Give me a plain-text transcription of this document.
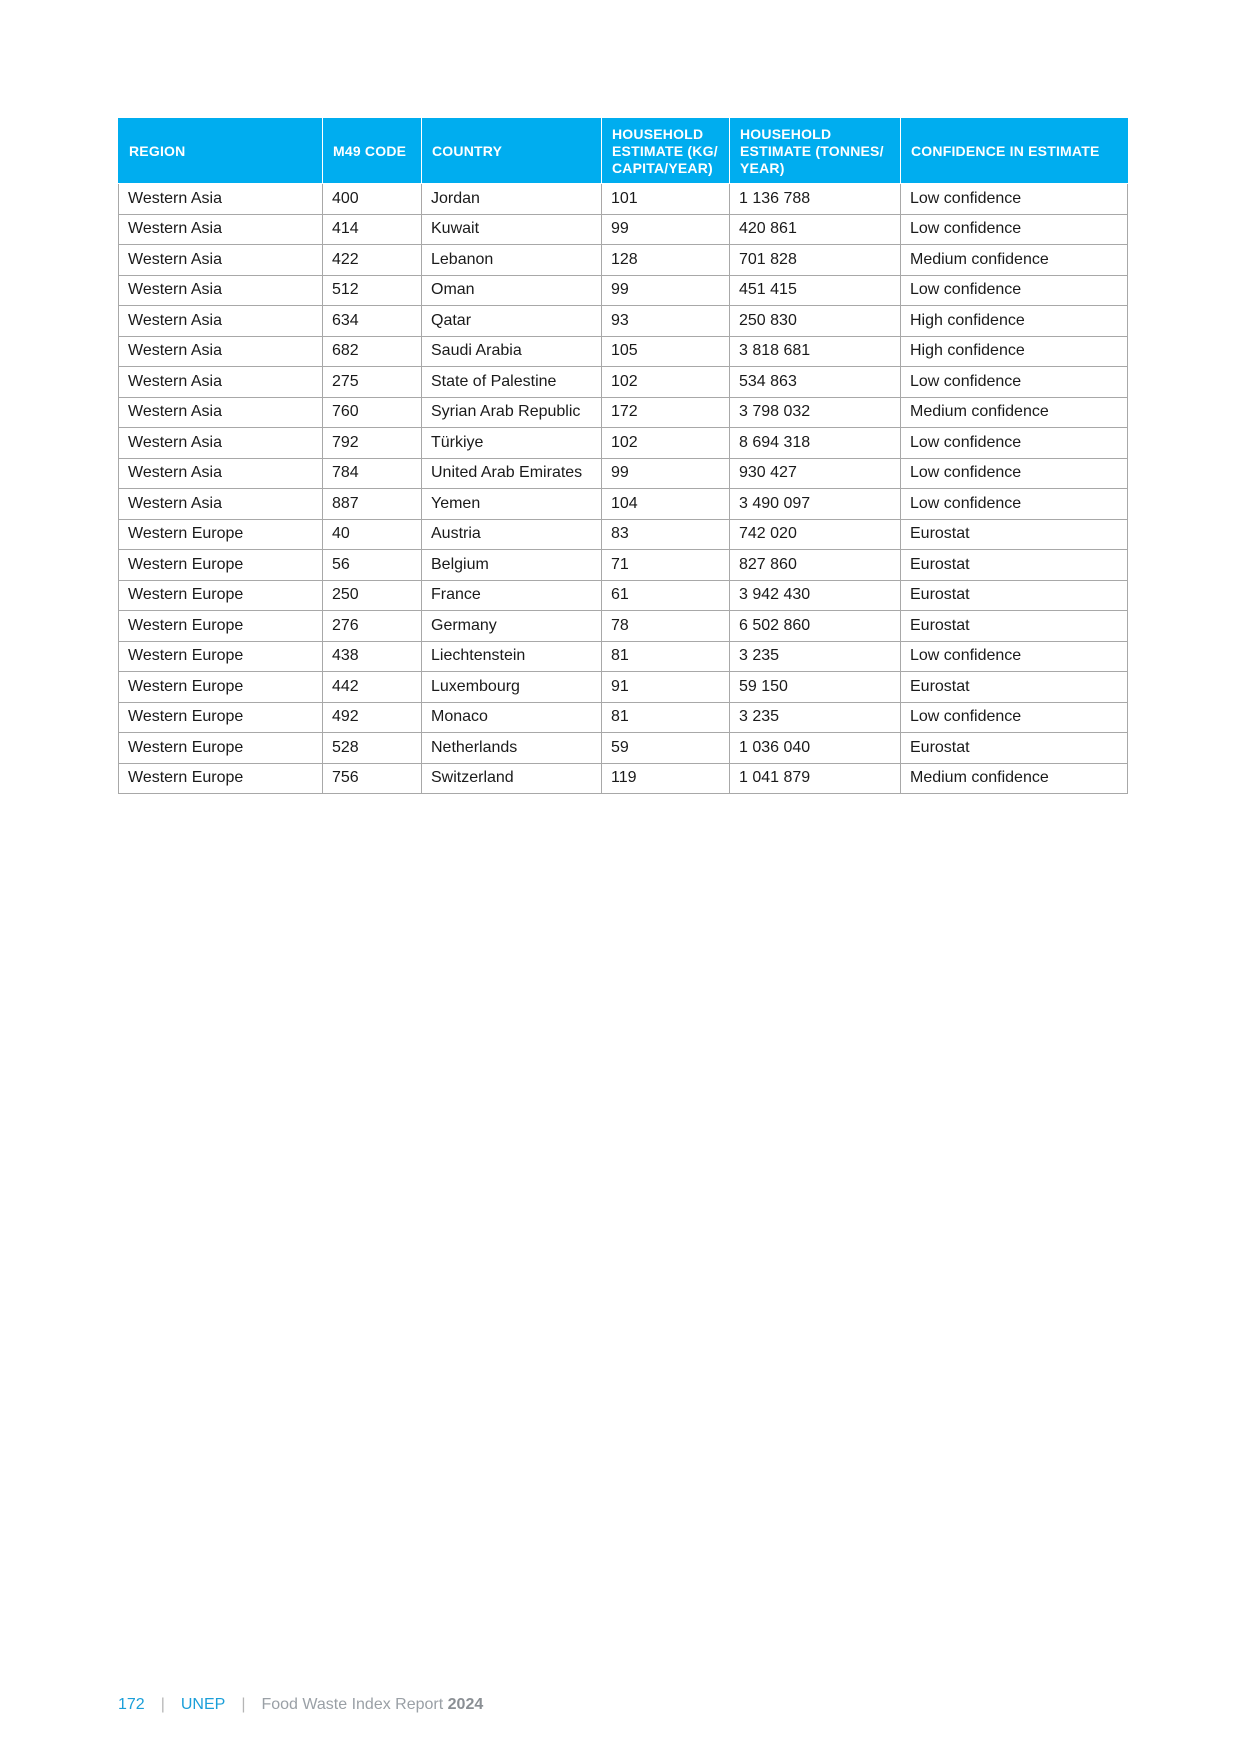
REGION	M49 CODE	COUNTRY	HOUSEHOLD ESTIMATE (KG/ CAPITA/YEAR)	HOUSEHOLD ESTIMATE (TONNES/ YEAR)	CONFIDENCE IN ESTIMATE
Western Asia	400	Jordan	101	1 136 788	Low confidence
Western Asia	414	Kuwait	99	420 861	Low confidence
Western Asia	422	Lebanon	128	701 828	Medium confidence
Western Asia	512	Oman	99	451 415	Low confidence
Western Asia	634	Qatar	93	250 830	High confidence
Western Asia	682	Saudi Arabia	105	3 818 681	High confidence
Western Asia	275	State of Palestine	102	534 863	Low confidence
Western Asia	760	Syrian Arab Republic	172	3 798 032	Medium confidence
Western Asia	792	Türkiye	102	8 694 318	Low confidence
Western Asia	784	United Arab Emirates	99	930 427	Low confidence
Western Asia	887	Yemen	104	3 490 097	Low confidence
Western Europe	40	Austria	83	742 020	Eurostat
Western Europe	56	Belgium	71	827 860	Eurostat
Western Europe	250	France	61	3 942 430	Eurostat
Western Europe	276	Germany	78	6 502 860	Eurostat
Western Europe	438	Liechtenstein	81	3 235	Low confidence
Western Europe	442	Luxembourg	91	59 150	Eurostat
Western Europe	492	Monaco	81	3 235	Low confidence
Western Europe	528	Netherlands	59	1 036 040	Eurostat
Western Europe	756	Switzerland	119	1 041 879	Medium confidence
172 | UNEP | Food Waste Index Report 2024
